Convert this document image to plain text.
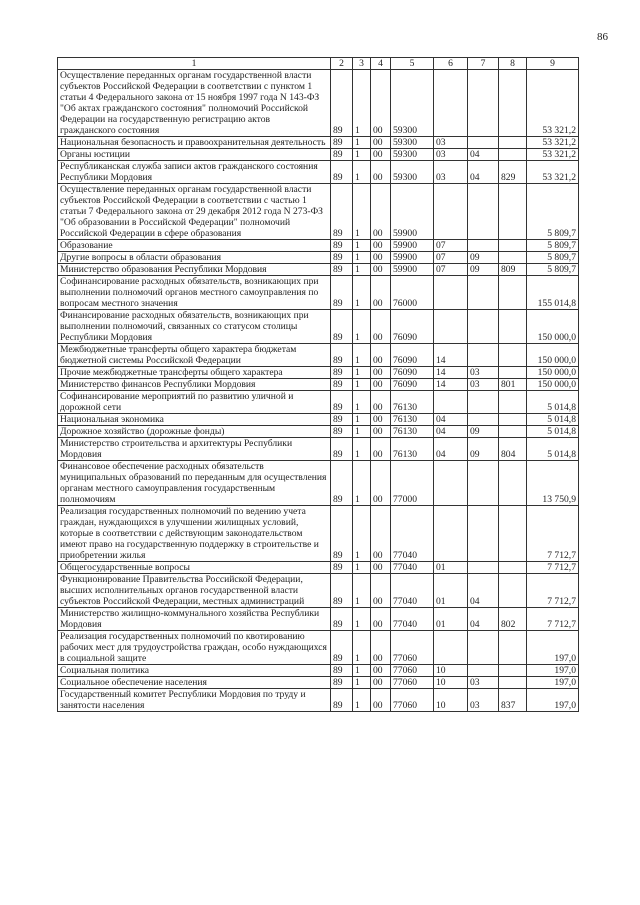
86
1	2	3	4	5	6	7	8	9
Осуществление переданных органам государственной власти субъектов Российской Федерации в соответствии с пунктом 1 статьи 4 Федерального закона от 15 ноября 1997 года N 143-ФЗ "Об актах гражданского состояния" полномочий Российской Федерации на государственную регистрацию актов гражданского состояния	89	1	00	59300				53 321,2
Национальная безопасность и правоохранительная деятельность	89	1	00	59300	03			53 321,2
Органы юстиции	89	1	00	59300	03	04		53 321,2
Республиканская служба записи актов гражданского состояния Республики Мордовия	89	1	00	59300	03	04	829	53 321,2
Осуществление переданных органам государственной власти субъектов Российской Федерации в соответствии с частью 1 статьи 7 Федерального закона от 29 декабря 2012 года N 273-ФЗ "Об образовании в Российской Федерации" полномочий Российской Федерации в сфере образования	89	1	00	59900				5 809,7
Образование	89	1	00	59900	07			5 809,7
Другие вопросы в области образования	89	1	00	59900	07	09		5 809,7
Министерство образования Республики Мордовия	89	1	00	59900	07	09	809	5 809,7
Софинансирование расходных обязательств, возникающих при выполнении полномочий органов местного самоуправления по вопросам местного значения	89	1	00	76000				155 014,8
Финансирование расходных обязательств, возникающих при выполнении полномочий, связанных со статусом столицы Республики Мордовия	89	1	00	76090				150 000,0
Межбюджетные трансферты общего характера бюджетам бюджетной системы Российской Федерации	89	1	00	76090	14			150 000,0
Прочие межбюджетные трансферты общего характера	89	1	00	76090	14	03		150 000,0
Министерство финансов Республики Мордовия	89	1	00	76090	14	03	801	150 000,0
Софинансирование мероприятий по развитию уличной и дорожной сети	89	1	00	76130				5 014,8
Национальная экономика	89	1	00	76130	04			5 014,8
Дорожное хозяйство (дорожные фонды)	89	1	00	76130	04	09		5 014,8
Министерство строительства и архитектуры Республики Мордовия	89	1	00	76130	04	09	804	5 014,8
Финансовое обеспечение расходных обязательств муниципальных образований по переданным для осуществления органам местного самоуправления государственным полномочиям	89	1	00	77000				13 750,9
Реализация государственных полномочий по ведению учета граждан, нуждающихся в улучшении жилищных условий, которые в соответствии с действующим законодательством имеют право на государственную поддержку в строительстве и приобретении жилья	89	1	00	77040				7 712,7
Общегосударственные вопросы	89	1	00	77040	01			7 712,7
Функционирование Правительства Российской Федерации, высших исполнительных органов государственной власти субъектов Российской Федерации, местных администраций	89	1	00	77040	01	04		7 712,7
Министерство жилищно-коммунального хозяйства Республики Мордовия	89	1	00	77040	01	04	802	7 712,7
Реализация государственных полномочий по квотированию рабочих мест для трудоустройства граждан, особо нуждающихся в социальной защите	89	1	00	77060				197,0
Социальная политика	89	1	00	77060	10			197,0
Социальное обеспечение населения	89	1	00	77060	10	03		197,0
Государственный комитет Республики Мордовия по труду и занятости населения	89	1	00	77060	10	03	837	197,0
